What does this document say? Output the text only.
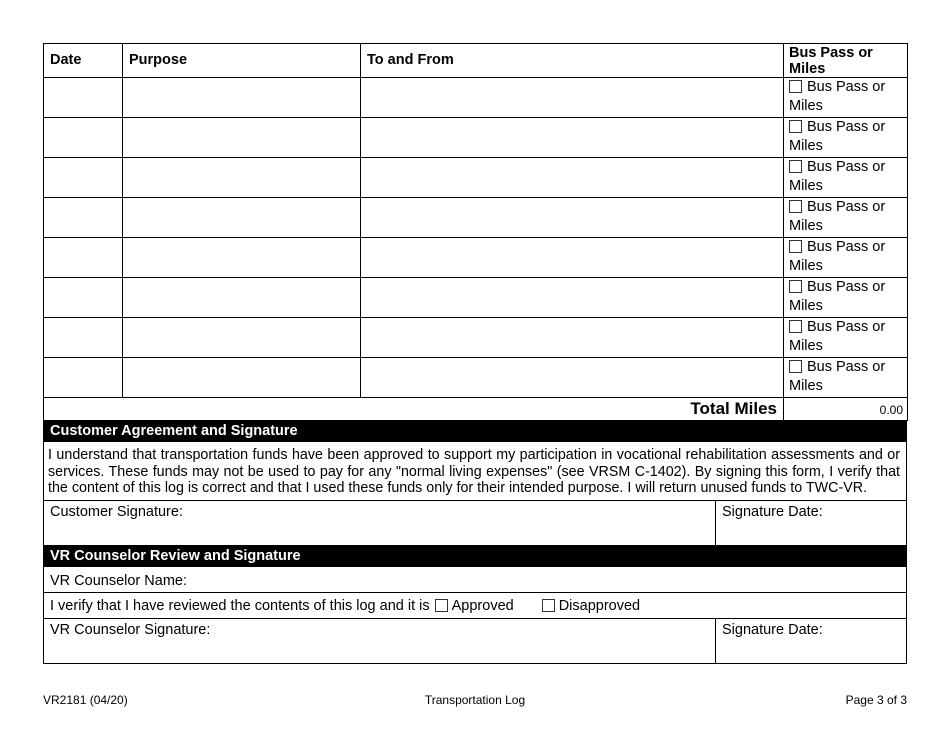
Date	Purpose	To and From	Bus Pass or Miles
			Bus Pass or Miles
			Bus Pass or Miles
			Bus Pass or Miles
			Bus Pass or Miles
			Bus Pass or Miles
			Bus Pass or Miles
			Bus Pass or Miles
			Bus Pass or Miles
Total Miles			0.00
Customer Agreement and Signature
I understand that transportation funds have been approved to support my participation in vocational rehabilitation assessments and or services. These funds may not be used to pay for any "normal living expenses" (see VRSM C-1402). By signing this form, I verify that the content of this log is correct and that I used these funds only for their intended purpose. I will return unused funds to TWC-VR.
Customer Signature:	Signature Date:
VR Counselor Review and Signature
VR Counselor Name:
I verify that I have reviewed the contents of this log and it is Approved	Disapproved
VR Counselor Signature:	Signature Date:
VR2181 (04/20)	Transportation Log	Page 3 of 3
